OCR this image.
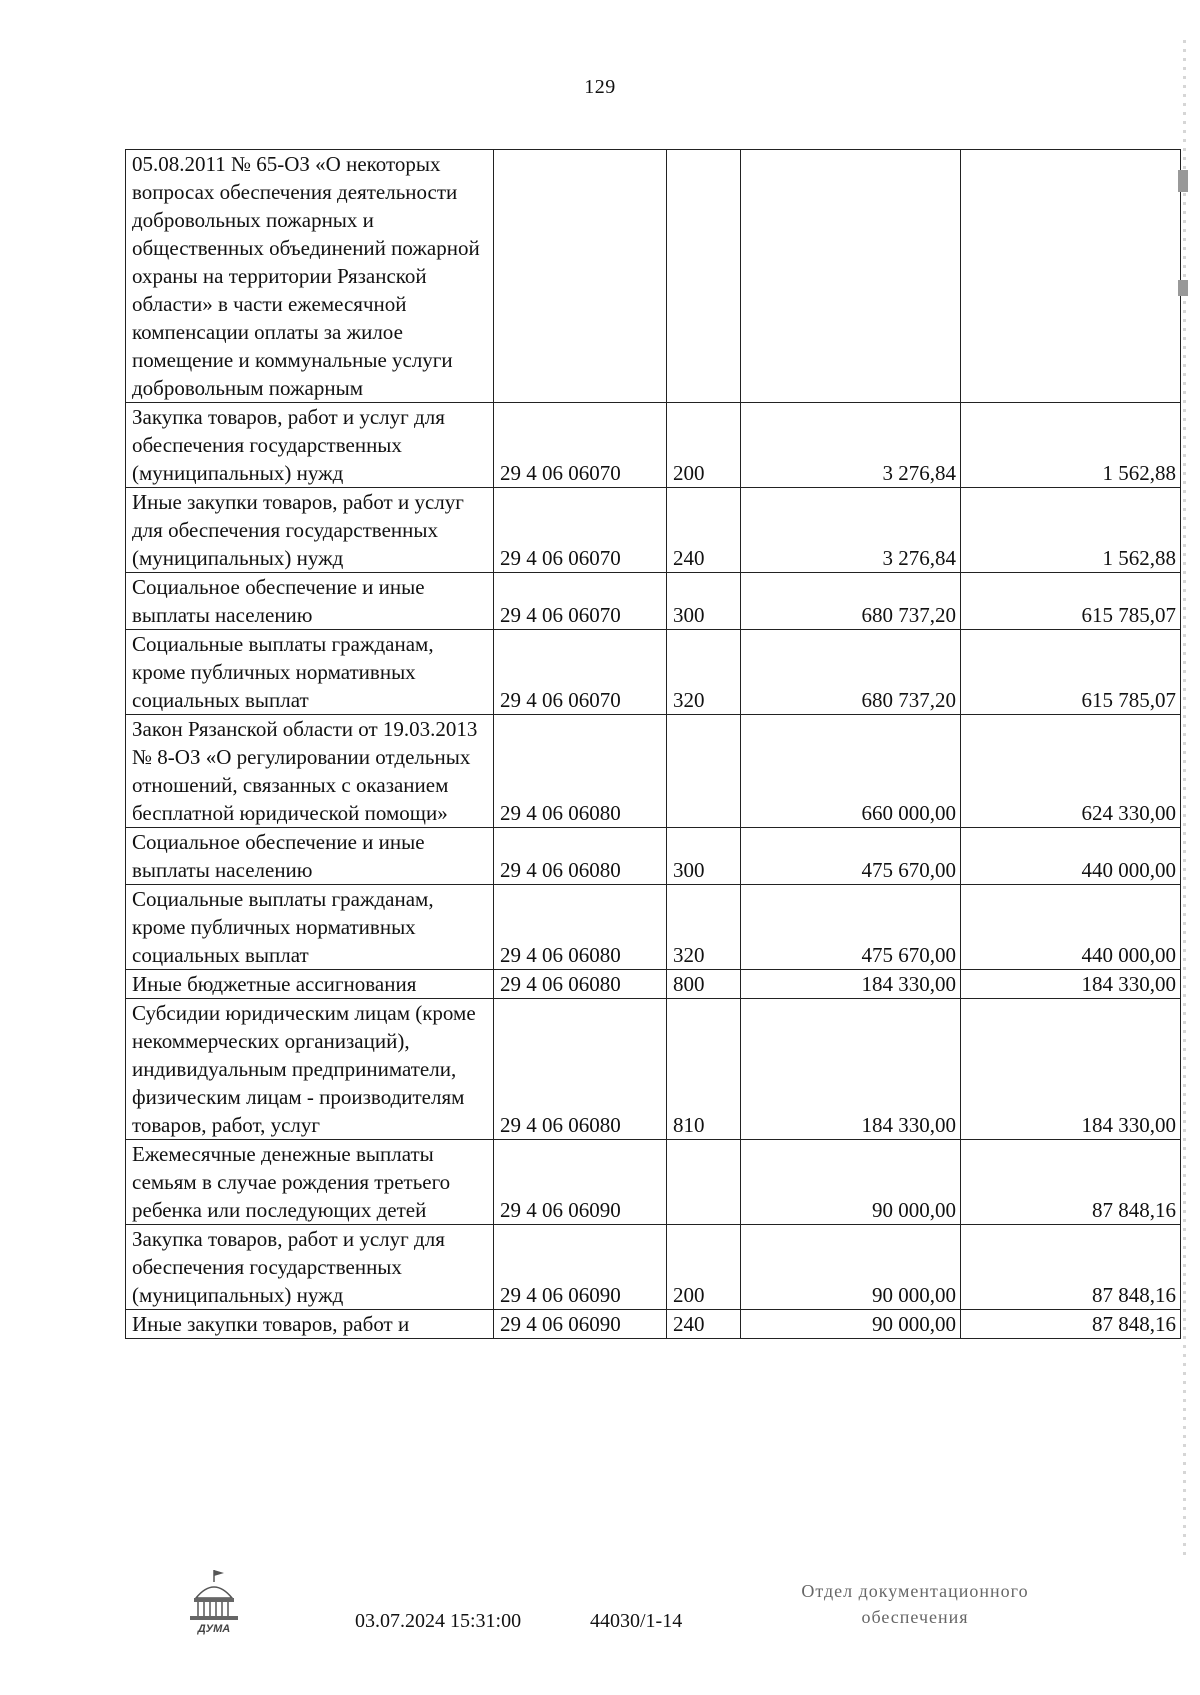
129
05.08.2011 № 65-ОЗ «О некоторых вопросах обеспечения деятельности добровольных пожарных и общественных объединений пожарной охраны на территории Рязанской области» в части ежемесячной компенсации оплаты за жилое помещение и коммунальные услуги добровольным пожарным				
Закупка товаров, работ и услуг для обеспечения государственных (муниципальных) нужд	29 4 06 06070	200	3 276,84	1 562,88
Иные закупки товаров, работ и услуг для обеспечения государственных (муниципальных) нужд	29 4 06 06070	240	3 276,84	1 562,88
Социальное обеспечение и иные выплаты населению	29 4 06 06070	300	680 737,20	615 785,07
Социальные выплаты гражданам, кроме публичных нормативных социальных выплат	29 4 06 06070	320	680 737,20	615 785,07
Закон Рязанской области от 19.03.2013 № 8-ОЗ «О регулировании отдельных отношений, связанных с оказанием бесплатной юридической помощи»	29 4 06 06080		660 000,00	624 330,00
Социальное обеспечение и иные выплаты населению	29 4 06 06080	300	475 670,00	440 000,00
Социальные выплаты гражданам, кроме публичных нормативных социальных выплат	29 4 06 06080	320	475 670,00	440 000,00
Иные бюджетные ассигнования	29 4 06 06080	800	184 330,00	184 330,00
Субсидии юридическим лицам (кроме некоммерческих организаций), индивидуальным предприниматели, физическим лицам - производителям товаров, работ, услуг	29 4 06 06080	810	184 330,00	184 330,00
Ежемесячные денежные выплаты семьям в случае рождения третьего ребенка или последующих детей	29 4 06 06090		90 000,00	87 848,16
Закупка товаров, работ и услуг для обеспечения государственных (муниципальных) нужд	29 4 06 06090	200	90 000,00	87 848,16
Иные закупки товаров, работ и	29 4 06 06090	240	90 000,00	87 848,16
ДУМА	03.07.2024 15:31:00	44030/1-14
Отдел документационного
обеспечения
